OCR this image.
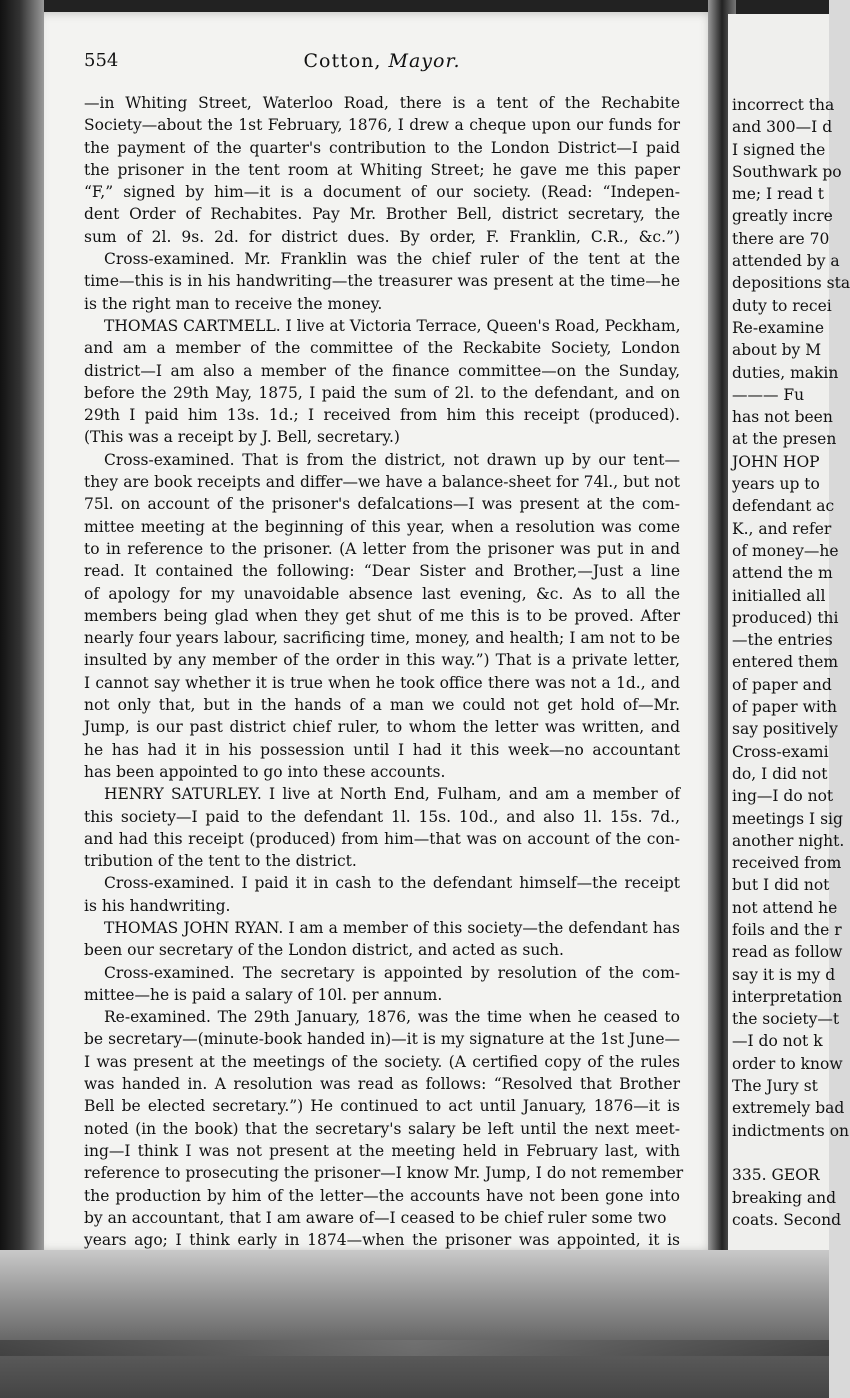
incorrect tha
and 300—I d
I signed the
Southwark po
me; I read t
greatly incre
there are 70
attended by a
depositions sta
duty to recei
Re-examine
about by M
duties, makin
——— Fu
has not been
at the presen
JOHN HOP
years up to
defendant ac
K., and refer
of money—he
attend the m
initialled all
produced) thi
—the entries
entered them
of paper and
of paper with
say positively
Cross-exami
do, I did not
ing—I do not
meetings I sig
another night.
received from
but I did not
not attend he
foils and the r
read as follow
say it is my d
interpretation
the society—t
—I do not k
order to know
The Jury st
extremely bad
indictments on
335. GEOR
breaking and
coats. Second
554	Cotton, Mayor.
—in Whiting Street, Waterloo Road, there is a tent of the Rechabite
Society—about the 1st February, 1876, I drew a cheque upon our funds for
the payment of the quarter's contribution to the London District—I paid
the prisoner in the tent room at Whiting Street; he gave me this paper
“F,” signed by him—it is a document of our society. (Read: “Indepen-
dent Order of Rechabites. Pay Mr. Brother Bell, district secretary, the
sum of 2l. 9s. 2d. for district dues. By order, F. Franklin, C.R., &c.”)
Cross-examined. Mr. Franklin was the chief ruler of the tent at the
time—this is in his handwriting—the treasurer was present at the time—he
is the right man to receive the money.
THOMAS CARTMELL. I live at Victoria Terrace, Queen's Road, Peckham,
and am a member of the committee of the Reckabite Society, London
district—I am also a member of the finance committee—on the Sunday,
before the 29th May, 1875, I paid the sum of 2l. to the defendant, and on
29th I paid him 13s. 1d.; I received from him this receipt (produced).
(This was a receipt by J. Bell, secretary.)
Cross-examined. That is from the district, not drawn up by our tent—
they are book receipts and differ—we have a balance-sheet for 74l., but not
75l. on account of the prisoner's defalcations—I was present at the com-
mittee meeting at the beginning of this year, when a resolution was come
to in reference to the prisoner. (A letter from the prisoner was put in and
read. It contained the following: “Dear Sister and Brother,—Just a line
of apology for my unavoidable absence last evening, &c. As to all the
members being glad when they get shut of me this is to be proved. After
nearly four years labour, sacrificing time, money, and health; I am not to be
insulted by any member of the order in this way.”) That is a private letter,
I cannot say whether it is true when he took office there was not a 1d., and
not only that, but in the hands of a man we could not get hold of—Mr.
Jump, is our past district chief ruler, to whom the letter was written, and
he has had it in his possession until I had it this week—no accountant
has been appointed to go into these accounts.
HENRY SATURLEY. I live at North End, Fulham, and am a member of
this society—I paid to the defendant 1l. 15s. 10d., and also 1l. 15s. 7d.,
and had this receipt (produced) from him—that was on account of the con-
tribution of the tent to the district.
Cross-examined. I paid it in cash to the defendant himself—the receipt
is his handwriting.
THOMAS JOHN RYAN. I am a member of this society—the defendant has
been our secretary of the London district, and acted as such.
Cross-examined. The secretary is appointed by resolution of the com-
mittee—he is paid a salary of 10l. per annum.
Re-examined. The 29th January, 1876, was the time when he ceased to
be secretary—(minute-book handed in)—it is my signature at the 1st June—
I was present at the meetings of the society. (A certified copy of the rules
was handed in. A resolution was read as follows: “Resolved that Brother
Bell be elected secretary.”) He continued to act until January, 1876—it is
noted (in the book) that the secretary's salary be left until the next meet-
ing—I think I was not present at the meeting held in February last, with
reference to prosecuting the prisoner—I know Mr. Jump, I do not remember
the production by him of the letter—the accounts have not been gone into
by an accountant, that I am aware of—I ceased to be chief ruler some two
years ago; I think early in 1874—when the prisoner was appointed, it is
